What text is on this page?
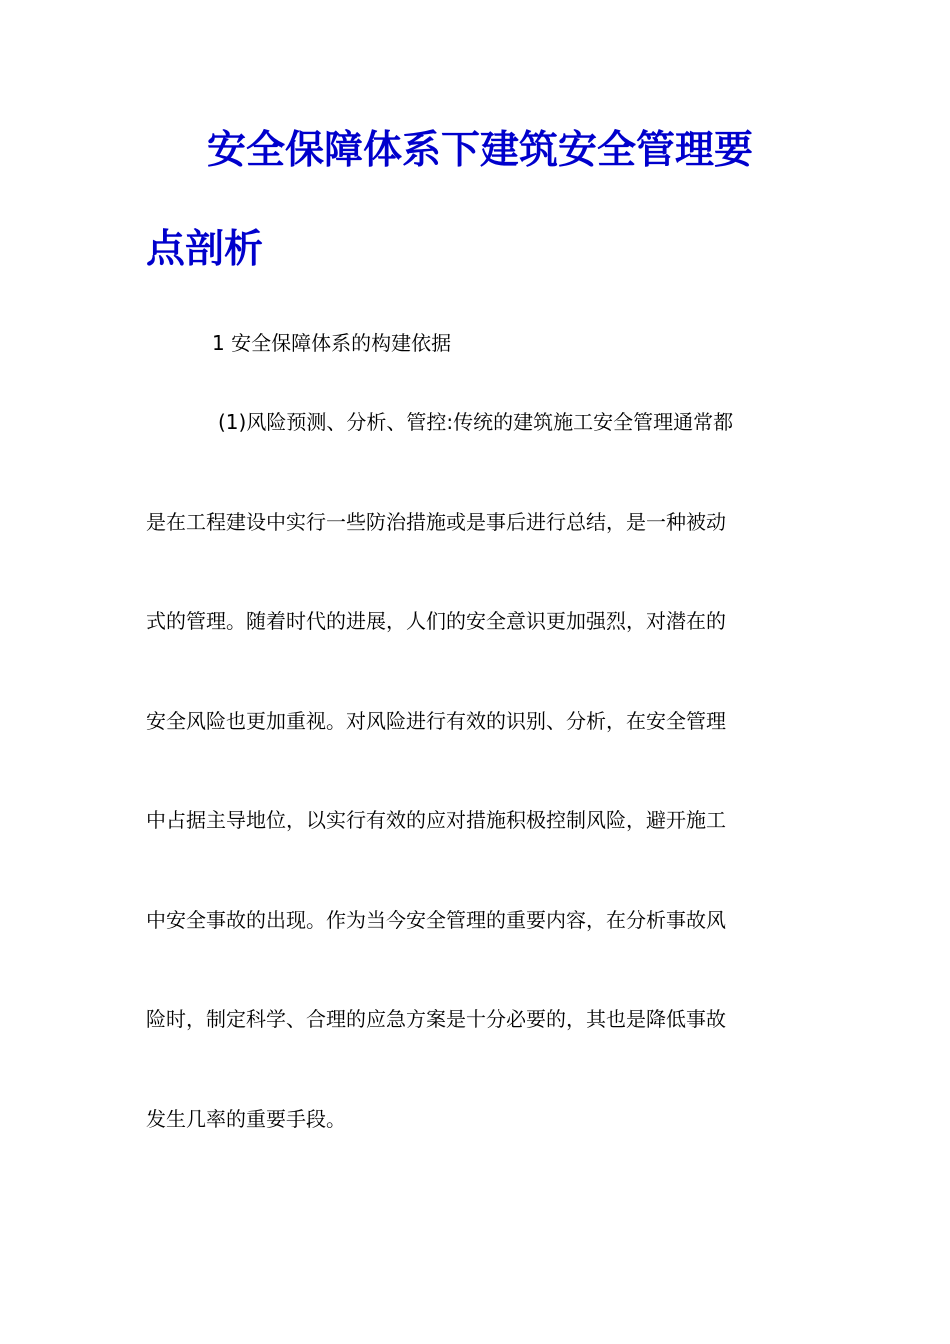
安全保障体系下建筑安全管理要
点剖析

1 安全保障体系的构建依据

(1)风险预测、分析、管控:传统的建筑施工安全管理通常都

是在工程建设中实行一些防治措施或是事后进行总结，是一种被动

式的管理。随着时代的进展，人们的安全意识更加强烈，对潜在的

安全风险也更加重视。对风险进行有效的识别、分析，在安全管理

中占据主导地位，以实行有效的应对措施积极控制风险，避开施工

中安全事故的出现。作为当今安全管理的重要内容，在分析事故风

险时，制定科学、合理的应急方案是十分必要的，其也是降低事故

发生几率的重要手段。
